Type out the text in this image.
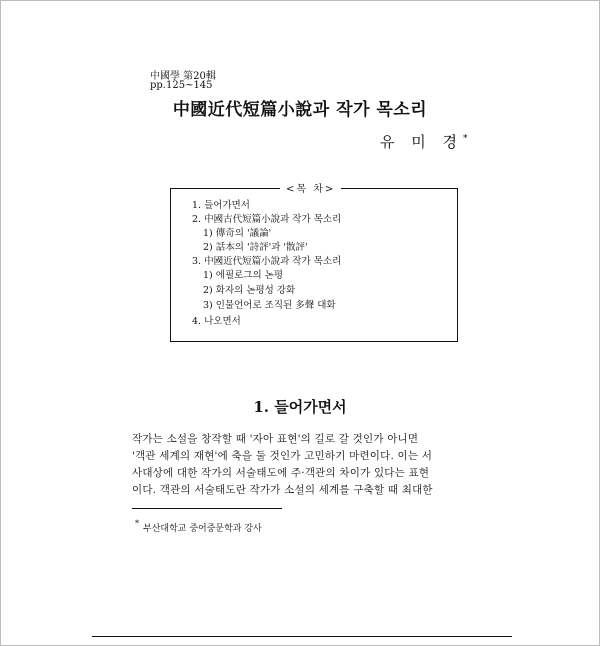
中國學 第20輯
pp.125~145
中國近代短篇小說과 작가 목소리
유 미 경*
<목 차>
1. 들어가면서
2. 中國古代短篇小說과 작가 목소리
1) 傳奇의 '議論'
2) 話本의 '詩評'과 '散評'
3. 中國近代短篇小說과 작가 목소리
1) 에필로그의 논평
2) 화자의 논평성 강화
3) 인물언어로 조직된 多聲 대화
4. 나오면서
1. 들어가면서
작가는 소설을 창작할 때 '자아 표현'의 길로 갈 것인가 아니면
'객관 세계의 재현'에 축을 둘 것인가 고민하기 마련이다. 이는 서
사대상에 대한 작가의 서술태도에 주·객관의 차이가 있다는 표현
이다. 객관의 서술태도란 작가가 소설의 세계를 구축할 때 최대한
*
부산대학교 중어중문학과 강사
